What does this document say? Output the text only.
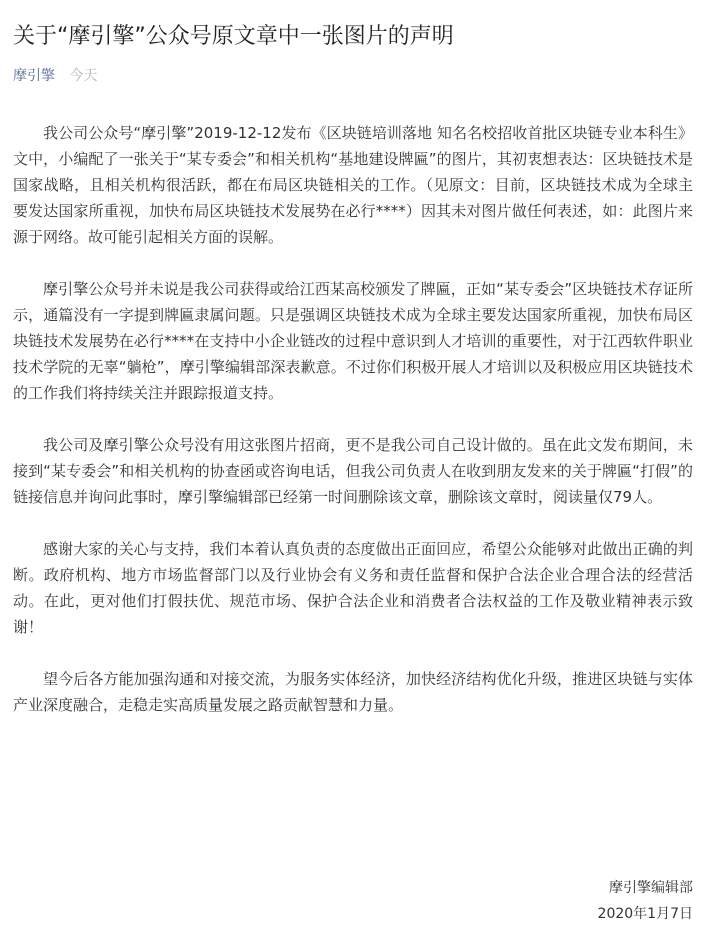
关于“摩引擎”公众号原文章中一张图片的声明
摩引擎 今天

我公司公众号“摩引擎”2019-12-12发布《区块链培训落地 知名名校招收首批区块链专业本科生》文中，小编配了一张关于“某专委会”和相关机构“基地建设牌匾”的图片，其初衷想表达：区块链技术是国家战略，且相关机构很活跃，都在布局区块链相关的工作。（见原文：目前，区块链技术成为全球主要发达国家所重视，加快布局区块链技术发展势在必行****）因其未对图片做任何表述，如：此图片来源于网络。故可能引起相关方面的误解。

摩引擎公众号并未说是我公司获得或给江西某高校颁发了牌匾，正如“某专委会”区块链技术存证所示，通篇没有一字提到牌匾隶属问题。只是强调区块链技术成为全球主要发达国家所重视，加快布局区块链技术发展势在必行****在支持中小企业链改的过程中意识到人才培训的重要性，对于江西软件职业技术学院的无辜“躺枪”，摩引擎编辑部深表歉意。不过你们积极开展人才培训以及积极应用区块链技术的工作我们将持续关注并跟踪报道支持。

我公司及摩引擎公众号没有用这张图片招商，更不是我公司自己设计做的。虽在此文发布期间，未接到“某专委会”和相关机构的协查函或咨询电话，但我公司负责人在收到朋友发来的关于牌匾“打假”的链接信息并询问此事时，摩引擎编辑部已经第一时间删除该文章，删除该文章时，阅读量仅79人。

感谢大家的关心与支持，我们本着认真负责的态度做出正面回应，希望公众能够对此做出正确的判断。政府机构、地方市场监督部门以及行业协会有义务和责任监督和保护合法企业合理合法的经营活动。在此，更对他们打假扶优、规范市场、保护合法企业和消费者合法权益的工作及敬业精神表示致谢！

望今后各方能加强沟通和对接交流，为服务实体经济，加快经济结构优化升级，推进区块链与实体产业深度融合，走稳走实高质量发展之路贡献智慧和力量。

摩引擎编辑部
2020年1月7日
